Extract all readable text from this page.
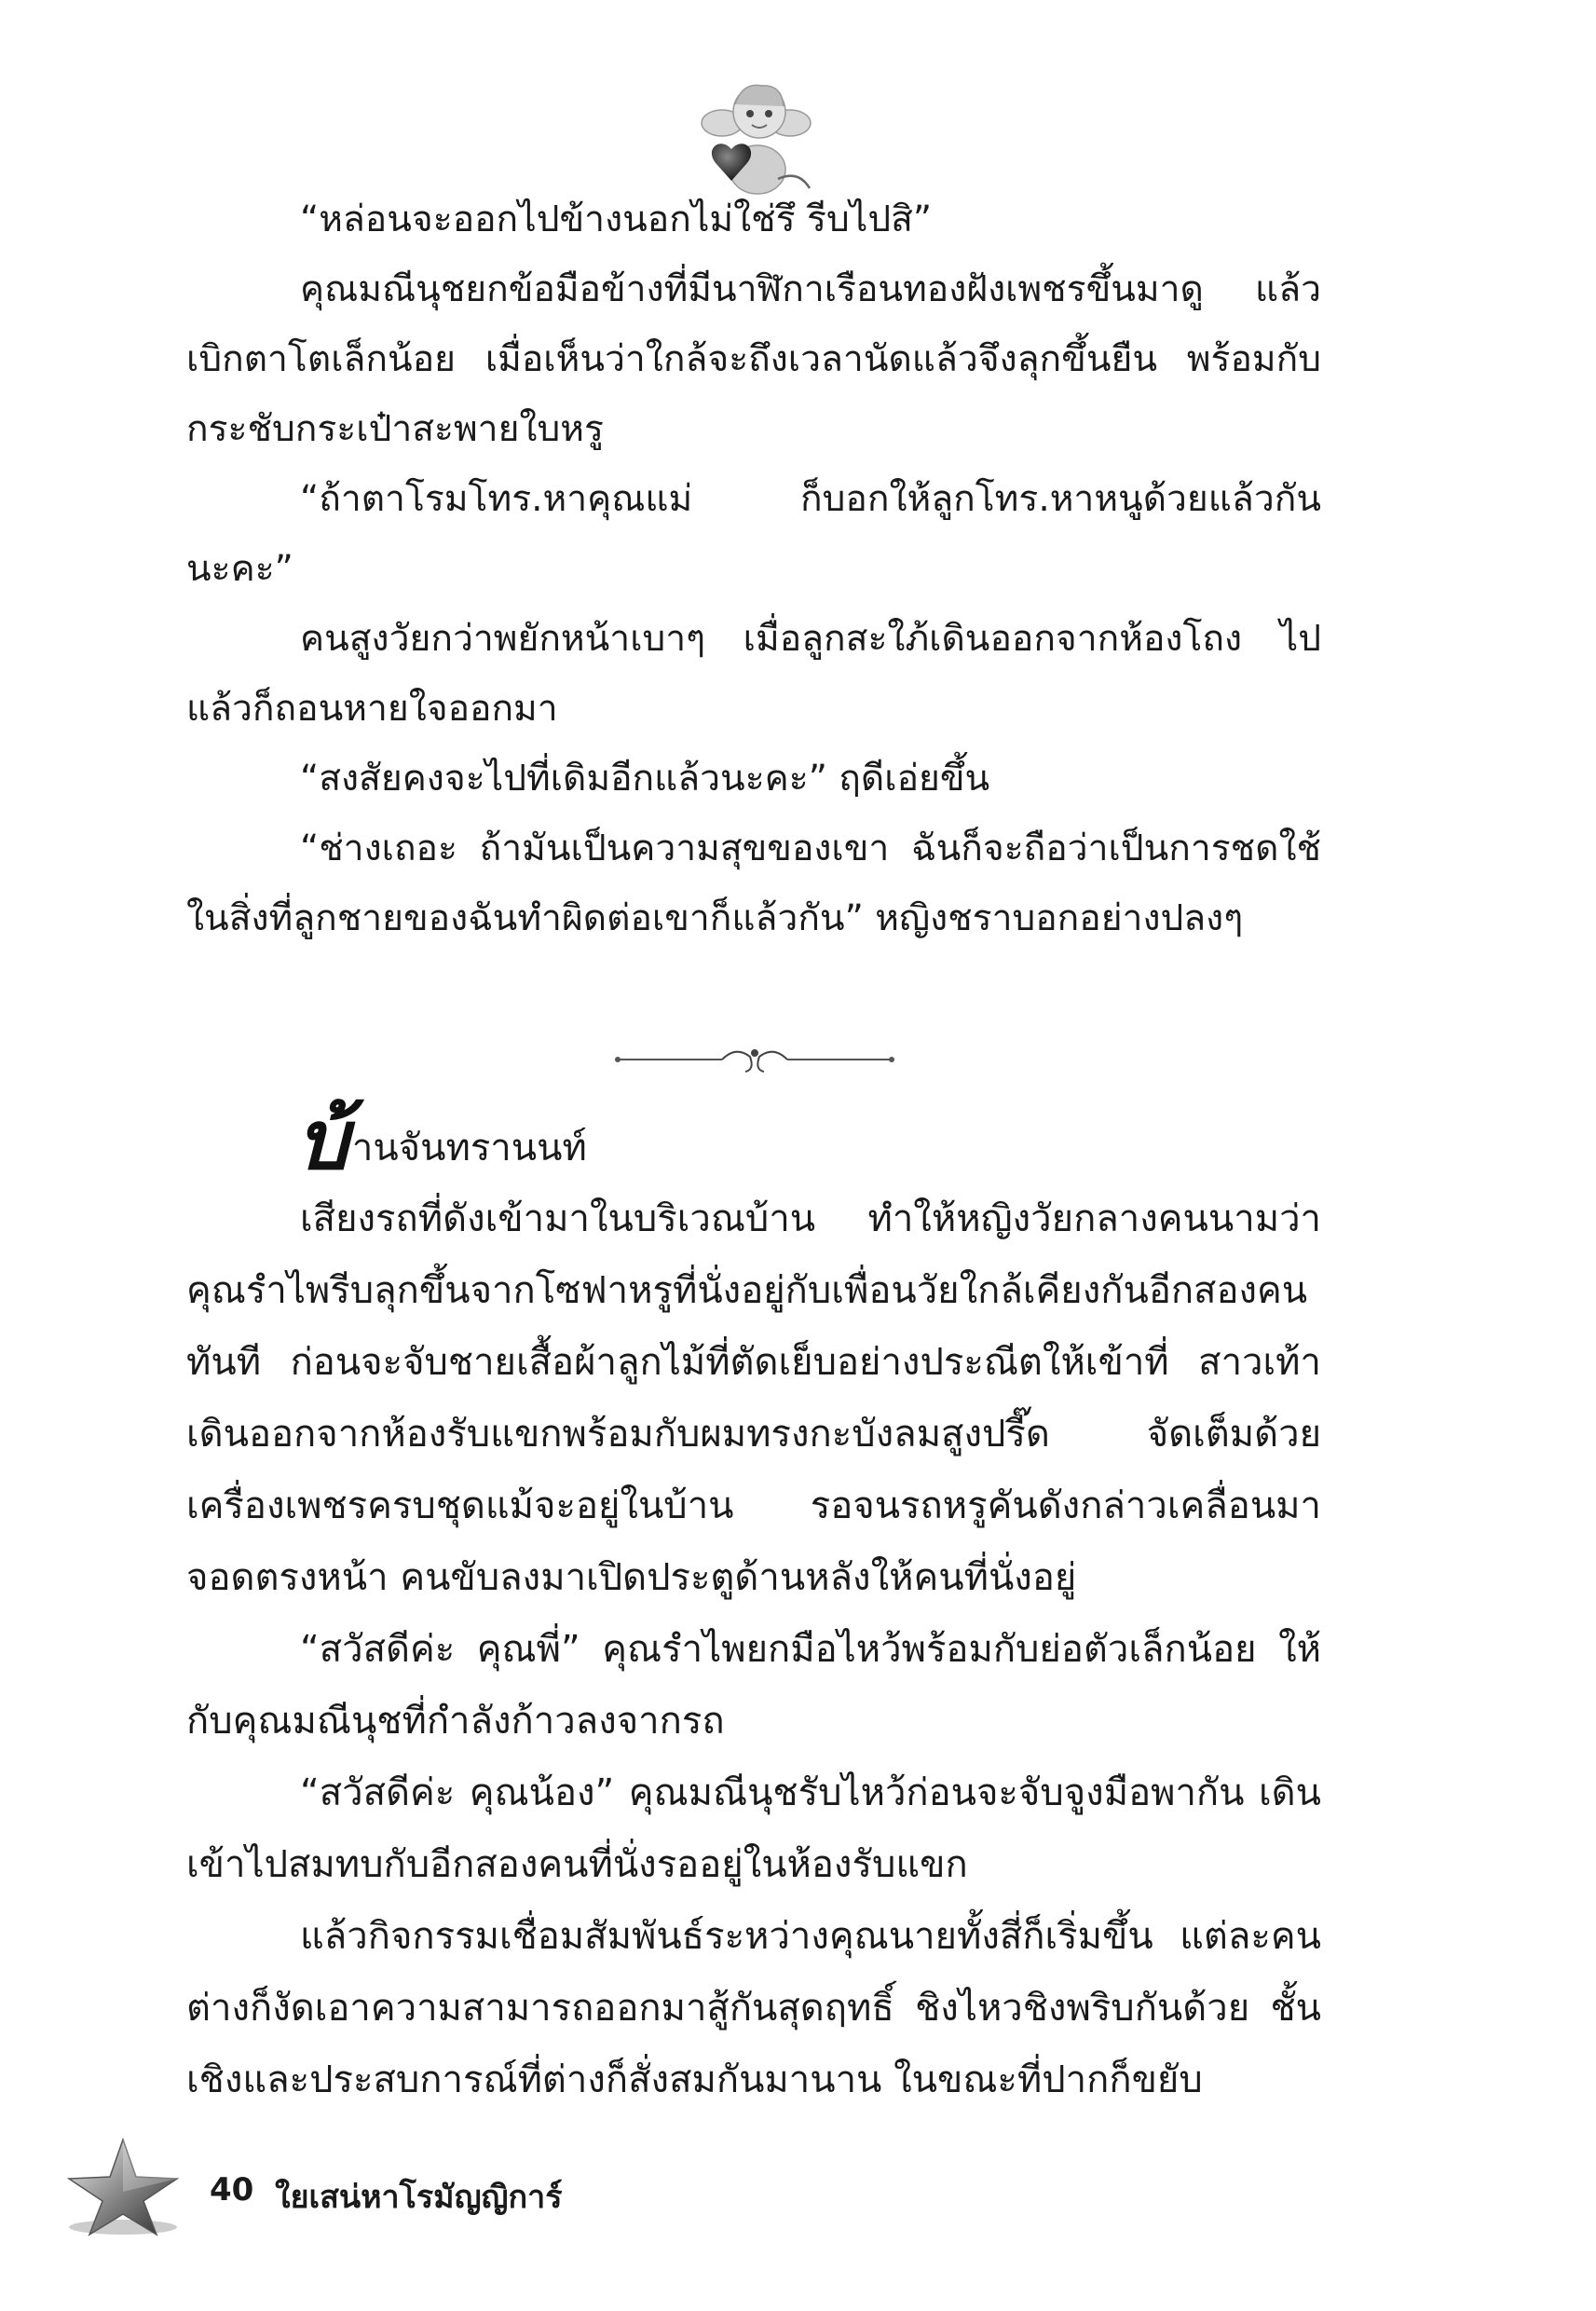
“หล่อนจะออกไปข้างนอกไม่ใช่รึ รีบไปสิ”

คุณมณีนุชยกข้อมือข้างที่มีนาฬิกาเรือนทองฝังเพชรขึ้นมาดู แล้วเบิกตาโตเล็กน้อย เมื่อเห็นว่าใกล้จะถึงเวลานัดแล้วจึงลุกขึ้นยืน พร้อมกับกระชับกระเป๋าสะพายใบหรู

“ถ้าตาโรมโทร.หาคุณแม่ ก็บอกให้ลูกโทร.หาหนูด้วยแล้วกัน นะคะ”

คนสูงวัยกว่าพยักหน้าเบาๆ เมื่อลูกสะใภ้เดินออกจากห้องโถง ไปแล้วก็ถอนหายใจออกมา

“สงสัยคงจะไปที่เดิมอีกแล้วนะคะ” ฤดีเอ่ยขึ้น

“ช่างเถอะ ถ้ามันเป็นความสุขของเขา ฉันก็จะถือว่าเป็นการชดใช้ ในสิ่งที่ลูกชายของฉันทำผิดต่อเขาก็แล้วกัน” หญิงชราบอกอย่างปลงๆ

บ้ านจันทรานนท์

เสียงรถที่ดังเข้ามาในบริเวณบ้าน ทำให้หญิงวัยกลางคนนามว่า คุณรำไพรีบลุกขึ้นจากโซฟาหรูที่นั่งอยู่กับเพื่อนวัยใกล้เคียงกันอีกสองคน ทันที ก่อนจะจับชายเสื้อผ้าลูกไม้ที่ตัดเย็บอย่างประณีตให้เข้าที่ สาวเท้า เดินออกจากห้องรับแขกพร้อมกับผมทรงกะบังลมสูงปรี๊ด จัดเต็มด้วย เครื่องเพชรครบชุดแม้จะอยู่ในบ้าน รอจนรถหรูคันดังกล่าวเคลื่อนมา จอดตรงหน้า คนขับลงมาเปิดประตูด้านหลังให้คนที่นั่งอยู่

“สวัสดีค่ะ คุณพี่” คุณรำไพยกมือไหว้พร้อมกับย่อตัวเล็กน้อย ให้กับคุณมณีนุชที่กำลังก้าวลงจากรถ

“สวัสดีค่ะ คุณน้อง” คุณมณีนุชรับไหว้ก่อนจะจับจูงมือพากัน เดินเข้าไปสมทบกับอีกสองคนที่นั่งรออยู่ในห้องรับแขก

แล้วกิจกรรมเชื่อมสัมพันธ์ระหว่างคุณนายทั้งสี่ก็เริ่มขึ้น แต่ละคน ต่างก็งัดเอาความสามารถออกมาสู้กันสุดฤทธิ์ ชิงไหวชิงพริบกันด้วย ชั้นเชิงและประสบการณ์ที่ต่างก็สั่งสมกันมานาน ในขณะที่ปากก็ขยับ

40 ใยเสน่หาโรมัญญิการ์
